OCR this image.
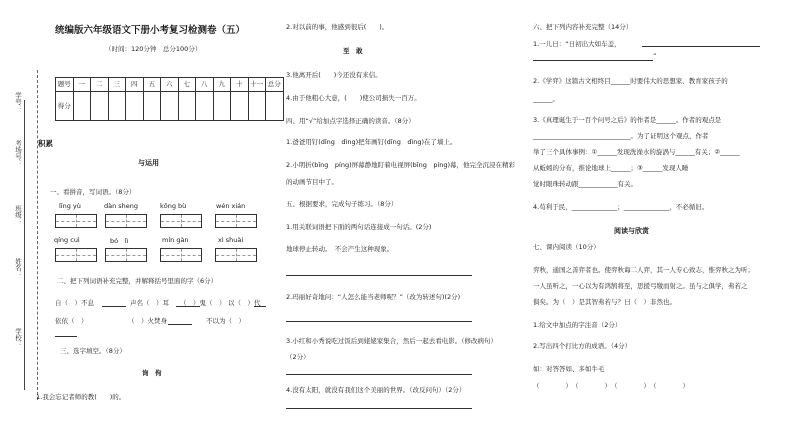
学号：
考场号：
班级：
姓名：
学校：
统编版六年级语文下册小考复习检测卷（五）
（时间：120分钟　总分100分）
题号	一	二	三	四	五	六	七	八	九	十	十一	总分
得分												
积累
与运用
一、看拼音，写词语。（8分）
līng yù	dàn sheng	kōng bù	wén xián
qíng cuì	bó　lì	mín gàn	xì shuài
二、把下列词语补充完整，并解释括号里面的字（6分）
自（　）不息	声名（　）耳 （　）鬼（　） 以（　）代
依依（　）	（　）火焚身	不以为（　）
三、选字填空。（8分）
询　佝
1.我会忘记者师的教(　　)的。
2.对以前的事，他感到很后(　　)。
至　敢
3.他离开后(　　)今还没有来信。
4.由于他粗心大意，(　　)使公司损失一百万。
四、用“√”给加点字选择正确的读音。（8分）
1.爸爸用钉(dīng　dìng)把年画钉(dīng　dìng)在了墙上。
2.小明折(bīng　píng)屏幕静地盯着电视屏(bīng　píng)幕，他完全沉浸在精彩
的动画节目中了。
五、根据要求，完成句子练习。（8分）
1.用关联词语把下面的两句话连接成一句话。(2分)
地球停止转动。　不会产生这种现象。
2.玛丽好奇地问：“人怎么能当老师呢？”（改为转述句)(2分)
3.小红和小秀说吃过饭后到姥姥家集合，然后一起去看电影。（修改病句）
（2分）
4.没有太阳，就没有我们这个美丽的世界。（改反问句）（2分）
六、把下列内容补充完整（14分）
1.一儿曰：“日初出大如车盖，
”
2.《学弈》这篇古文相终目______时要伟大的思想家、教育家孩子的
______。
3.《真理诞生于一百个问号之后》的作者是______。作者的观点是
______________________________。为了证明这个观点，作者
举了三个具体事例：①______发现洗澡水的旋涡与______有关；②______
从蚯蚓的分布，推论地球上______；③______发现人睡
觉时眼珠转动跟____________有关。
4.苟利于民，______________；______________，不必循旧。
阅读与欣赏
七、课内阅读（10分）
弈秋，通国之善弈者也。使弈秋诲二人弈，其一人专心致志，惟弈秋之为听；
一人虽听之，一心以为有鸿鹄将至，思援弓缴而射之。虽与之俱学，弗若之
俱矣。为（　）是其智弗若与？曰（　）非然也。
1.给文中加点的字注音（2分）
2.写出四个打比方的成语。（4分）
如：对答答如、多如牛毛
（　　　　）　（　　　　）　（　　　　）　（　　　　）
